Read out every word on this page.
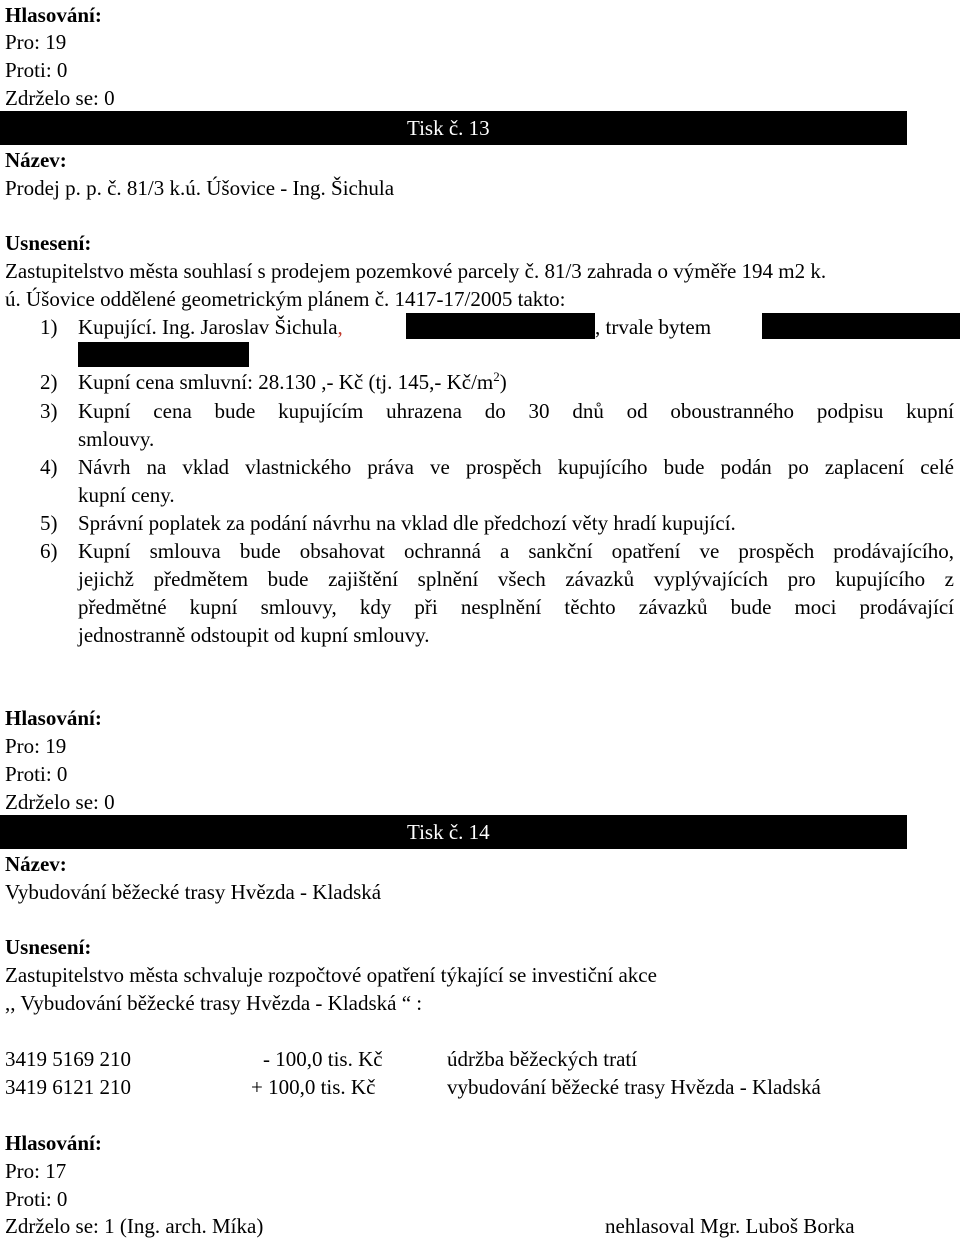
Hlasování:
Pro: 19
Proti: 0
Zdrželo se: 0
Tisk č. 13
Název:
Prodej p. p. č. 81/3 k.ú. Úšovice - Ing. Šichula
Usnesení:
Zastupitelstvo města souhlasí s prodejem pozemkové parcely č. 81/3 zahrada o výměře 194 m2 k.
ú. Úšovice oddělené geometrickým plánem č. 1417-17/2005 takto:
1) Kupující. Ing. Jaroslav Šichula,	, trvale bytem
2) Kupní cena smluvní: 28.130 ,- Kč (tj. 145,- $Kč/m^2$)
3) Kupní cena bude kupujícím uhrazena do 30 dnů od oboustranného podpisu kupní
smlouvy.
4) Návrh na vklad vlastnického práva ve prospěch kupujícího bude podán po zaplacení celé
kupní ceny.
5) Správní poplatek za podání návrhu na vklad dle předchozí věty hradí kupující.
6) Kupní smlouva bude obsahovat ochranná a sankční opatření ve prospěch prodávajícího,
jejichž předmětem bude zajištění splnění všech závazků vyplývajících pro kupujícího z
předmětné kupní smlouvy, kdy při nesplnění těchto závazků bude moci prodávající
jednostranně odstoupit od kupní smlouvy.
Hlasování:
Pro: 19
Proti: 0
Zdrželo se: 0
Tisk č. 14
Název:
Vybudování běžecké trasy Hvězda - Kladská
Usnesení:
Zastupitelstvo města schvaluje rozpočtové opatření týkající se investiční akce
,, Vybudování běžecké trasy Hvězda - Kladská “ :
3419 5169 210	- 100,0 tis. Kč	údržba běžeckých tratí
3419 6121 210	+ 100,0 tis. Kč	vybudování běžecké trasy Hvězda - Kladská
Hlasování:
Pro: 17
Proti: 0
Zdrželo se: 1 (Ing. arch. Míka)	nehlasoval Mgr. Luboš Borka
